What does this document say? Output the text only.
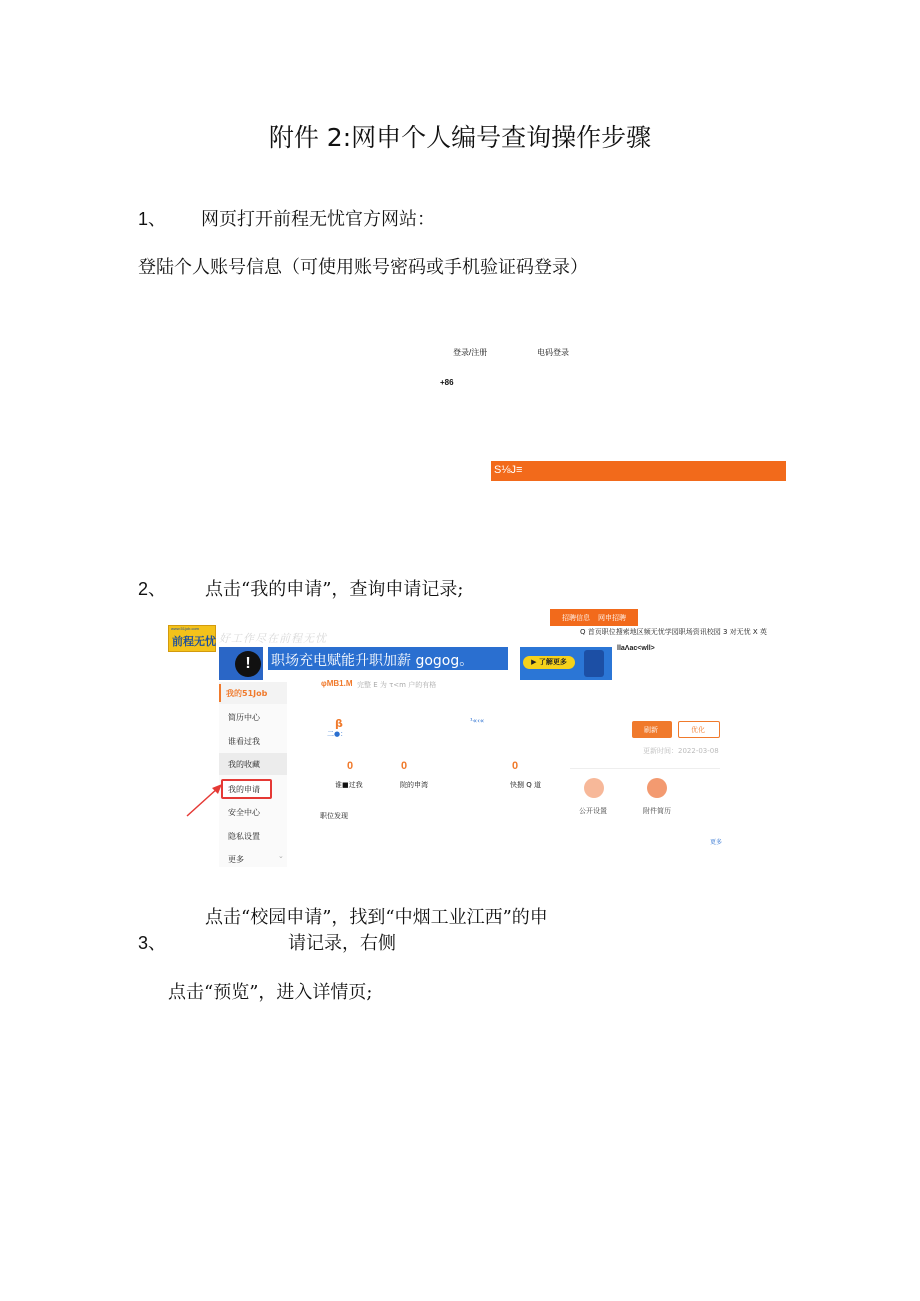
附件 2:网申个人编号查询操作步骤
1、 网页打开前程无忧官方网站：
登陆个人账号信息（可使用账号密码或手机验证码登录）
登录/注册	电码登录
+86
S⅛J≡
2、 点击“我的申请”，查询申请记录;
www.51job.com
前程无忧 好工作尽在前程无忧
招聘信息 网申招聘
Q 首页职位搜索地区频无忧学园职场资讯校园 3 对无忧 X 英
llaΛac<wll>
!	职场充电赋能升职加薪 gogog。	▶ 了解更多
φMB1.M 完整 E 为 τ<m 户的有格
我的51Job
简历中心
谁看过我
我的收藏
我的申请
安全中心
隐私设置
更多	⌄
β
二●：
¹«‹«
刷新	优化
更新时间：2022-03-08
0
谁■过我
0
院的申湾
0
快捌 Q 道
公开设置	附件简历
职位发现
更多
点击“校园申请”，找到“中烟工业江西”的申
3、	请记录，右侧
点击“预览”，进入详情页;
